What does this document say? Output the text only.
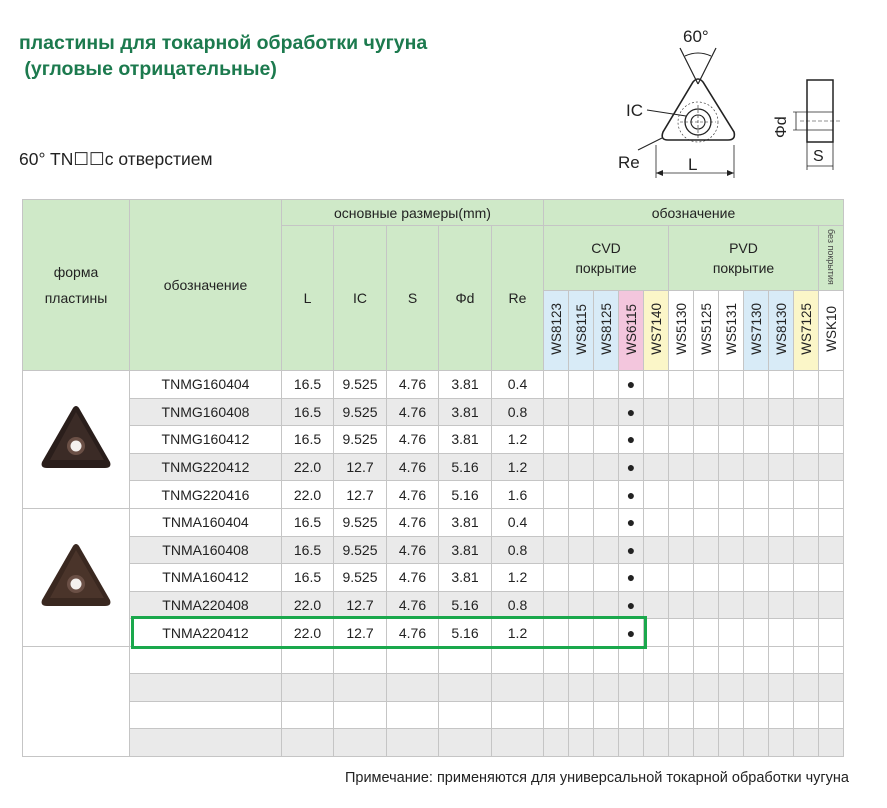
пластины для токарной обработки чугуна
(угловые отрицательные)
60° TN☐☐с отверстием
60°
IC
Re	L
Φd
S
форма
пластины	обозначение	основные размеры(mm)					обозначение											
		L	IC	S	Φd	Re	CVD
покрытие					PVD
покрытие						без покрытия
							WS8123	WS8115	WS8125	WS6115	WS7140	WS5130	WS5125	WS5131	WS7130	WS8130	WS7125	WSK10
	TNMG160404	16.5	9.525	4.76	3.81	0.4				●								
	TNMG160408	16.5	9.525	4.76	3.81	0.8				●								
	TNMG160412	16.5	9.525	4.76	3.81	1.2				●								
	TNMG220412	22.0	12.7	4.76	5.16	1.2				●								
	TNMG220416	22.0	12.7	4.76	5.16	1.6				●								
	TNMA160404	16.5	9.525	4.76	3.81	0.4				●								
	TNMA160408	16.5	9.525	4.76	3.81	0.8				●								
	TNMA160412	16.5	9.525	4.76	3.81	1.2				●								
	TNMA220408	22.0	12.7	4.76	5.16	0.8				●								
	TNMA220412	22.0	12.7	4.76	5.16	1.2				●								

Примечание: применяются для универсальной токарной обработки чугуна
